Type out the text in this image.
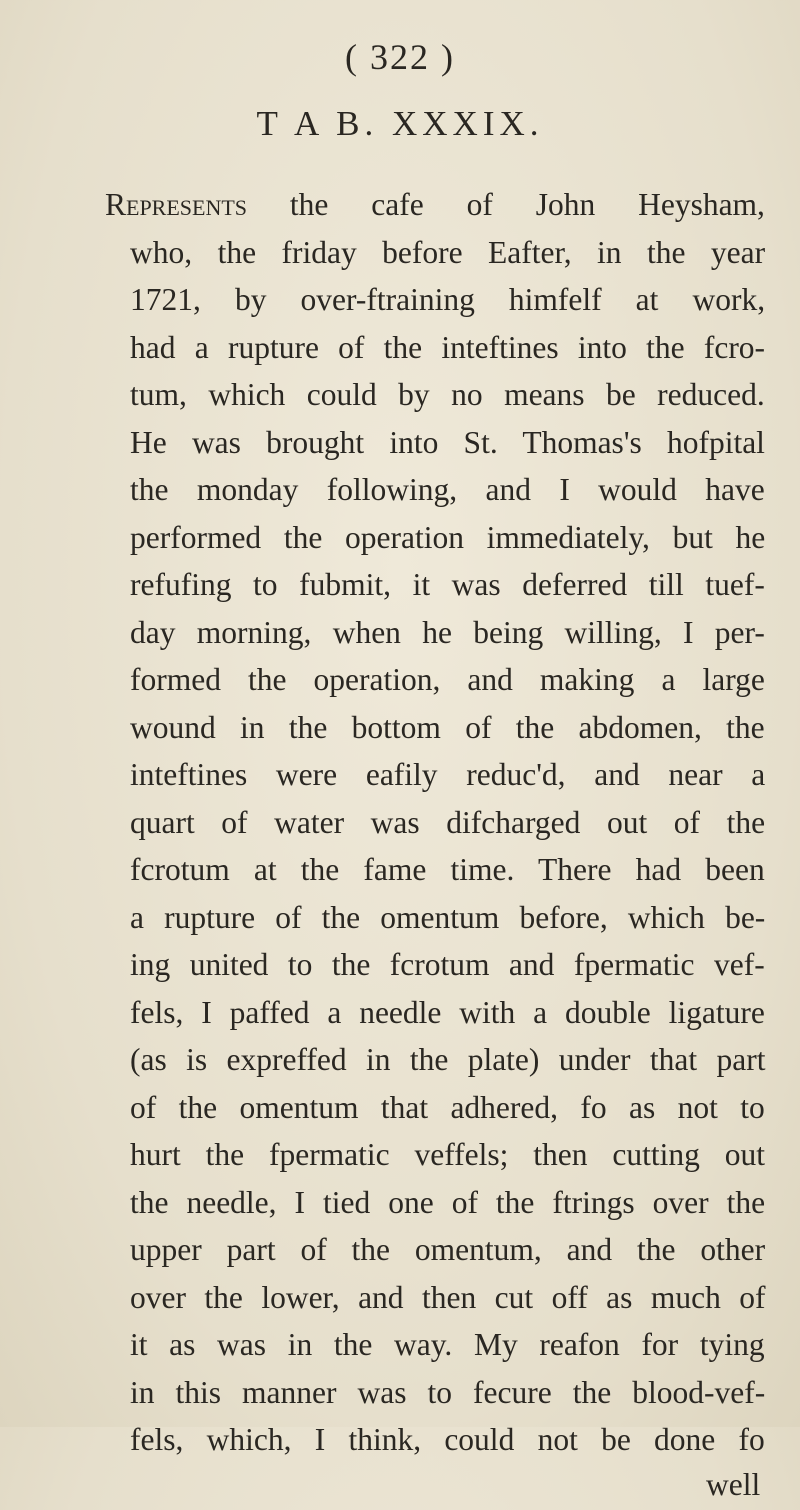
( 322 )
T A B. XXXIX.
Represents the cafe of John Heysham,
who, the friday before Eafter, in the year
1721, by over-ftraining himfelf at work,
had a rupture of the inteftines into the fcro-
tum, which could by no means be reduced.
He was brought into St. Thomas's hofpital
the monday following, and I would have
performed the operation immediately, but he
refufing to fubmit, it was deferred till tuef-
day morning, when he being willing, I per-
formed the operation, and making a large
wound in the bottom of the abdomen, the
inteftines were eafily reduc'd, and near a
quart of water was difcharged out of the
fcrotum at the fame time. There had been
a rupture of the omentum before, which be-
ing united to the fcrotum and fpermatic vef-
fels, I paffed a needle with a double ligature
(as is expreffed in the plate) under that part
of the omentum that adhered, fo as not to
hurt the fpermatic veffels; then cutting out
the needle, I tied one of the ftrings over the
upper part of the omentum, and the other
over the lower, and then cut off as much of
it as was in the way. My reafon for tying
in this manner was to fecure the blood-vef-
fels, which, I think, could not be done fo
well
